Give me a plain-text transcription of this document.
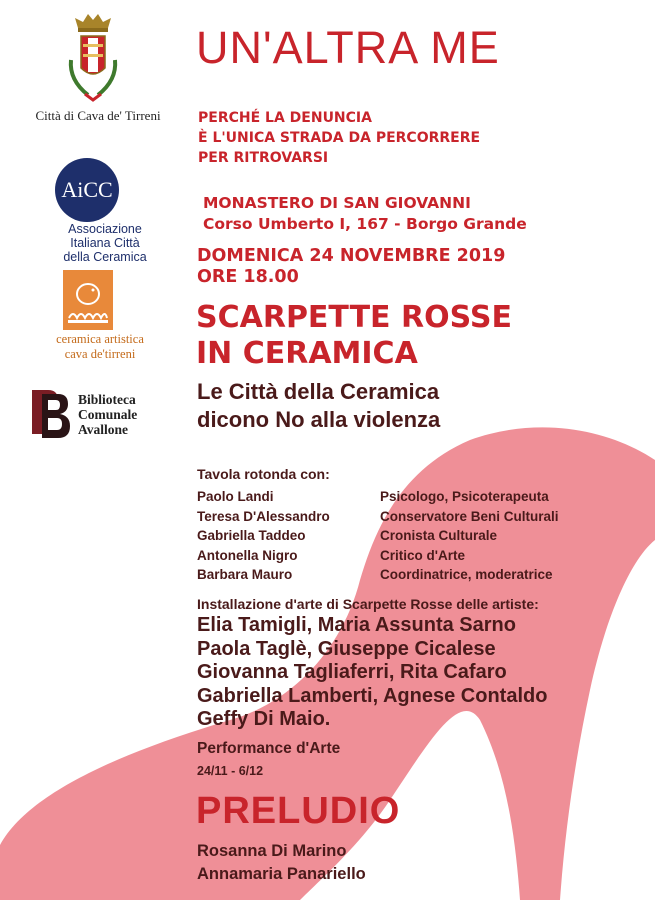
Città di Cava de' Tirreni
AiCC
Associazione
Italiana Città
della Ceramica
ceramica artistica
cava de'tirreni
Biblioteca
Comunale
Avallone
UN'ALTRA ME
PERCHÉ LA DENUNCIA
È L'UNICA STRADA DA PERCORRERE
PER RITROVARSI
MONASTERO DI SAN GIOVANNI
Corso Umberto I, 167 - Borgo Grande
DOMENICA 24 NOVEMBRE 2019
ORE 18.00
SCARPETTE ROSSE
IN CERAMICA
Le Città della Ceramica
dicono No alla violenza
Tavola rotonda con:
Paolo Landi	Psicologo, Psicoterapeuta
Teresa D'Alessandro	Conservatore Beni Culturali
Gabriella Taddeo	Cronista Culturale
Antonella Nigro	Critico d'Arte
Barbara Mauro	Coordinatrice, moderatrice
Installazione d'arte di Scarpette Rosse delle artiste:
Elia Tamigli, Maria Assunta Sarno
Paola Taglè, Giuseppe Cicalese
Giovanna Tagliaferri, Rita Cafaro
Gabriella Lamberti, Agnese Contaldo
Geffy Di Maio.
Performance d'Arte
24/11 - 6/12
PRELUDIO
Rosanna Di Marino
Annamaria Panariello
